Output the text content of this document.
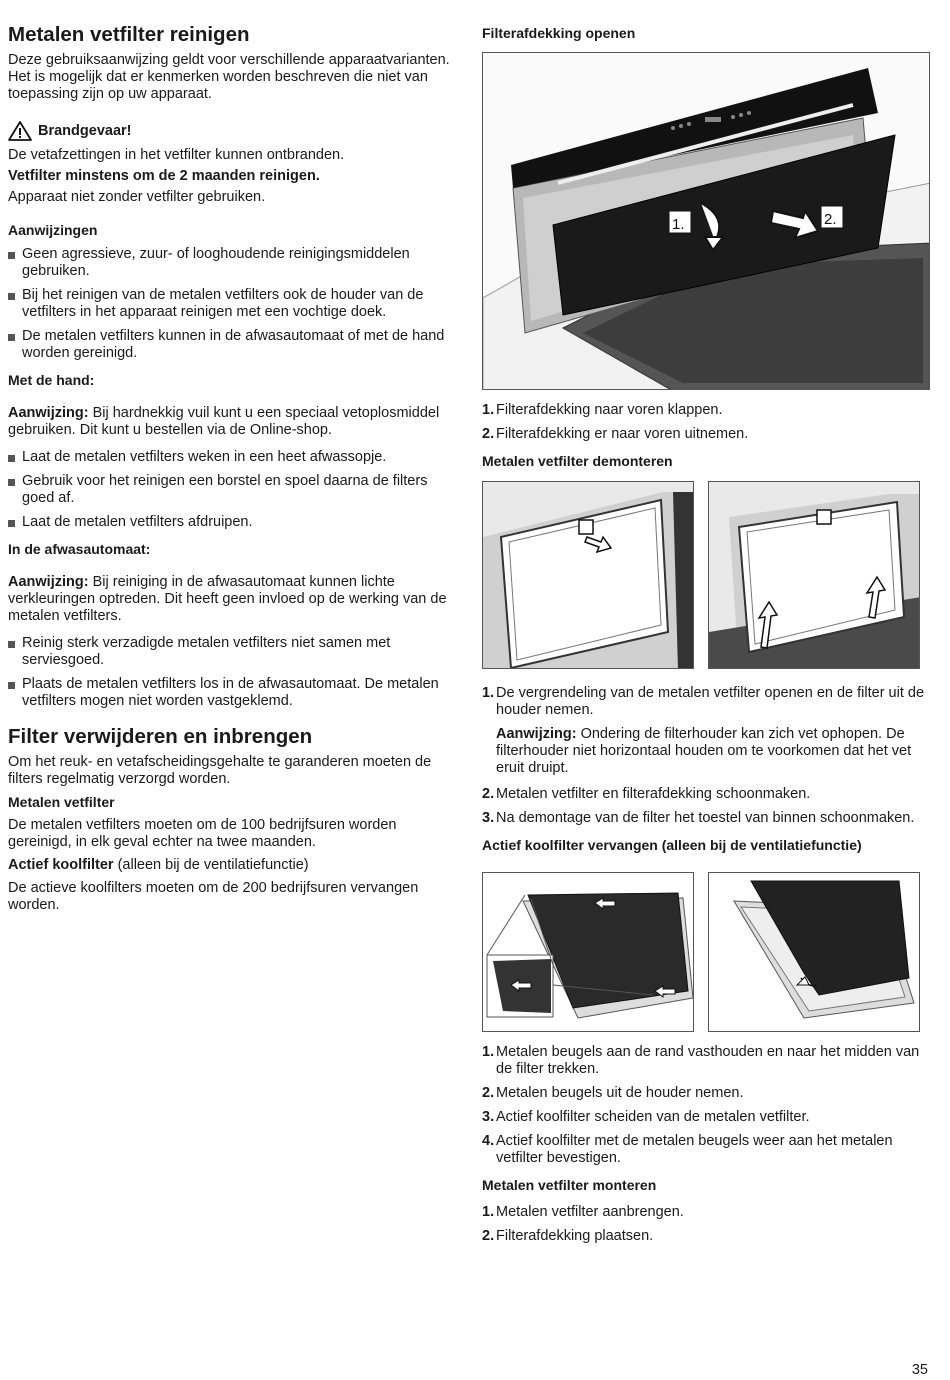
Metalen vetfilter reinigen

Deze gebruiksaanwijzing geldt voor verschillende apparaatvarianten. Het is mogelijk dat er kenmerken worden beschreven die niet van toepassing zijn op uw apparaat.

Brandgevaar!

De vetafzettingen in het vetfilter kunnen ontbranden.

Vetfilter minstens om de 2 maanden reinigen.

Apparaat niet zonder vetfilter gebruiken.

Aanwijzingen
Geen agressieve, zuur- of looghoudende reinigingsmiddelen gebruiken.
Bij het reinigen van de metalen vetfilters ook de houder van de vetfilters in het apparaat reinigen met een vochtige doek.
De metalen vetfilters kunnen in de afwasautomaat of met de hand worden gereinigd.
Met de hand:

Aanwijzing: Bij hardnekkig vuil kunt u een speciaal vetoplosmiddel gebruiken. Dit kunt u bestellen via de Online-shop.

Laat de metalen vetfilters weken in een heet afwassopje.
Gebruik voor het reinigen een borstel en spoel daarna de filters goed af.
Laat de metalen vetfilters afdruipen.
In de afwasautomaat:

Aanwijzing: Bij reiniging in de afwasautomaat kunnen lichte verkleuringen optreden. Dit heeft geen invloed op de werking van de metalen vetfilters.

Reinig sterk verzadigde metalen vetfilters niet samen met serviesgoed.
Plaats de metalen vetfilters los in de afwasautomaat. De metalen vetfilters mogen niet worden vastgeklemd.
Filter verwijderen en inbrengen

Om het reuk- en vetafscheidingsgehalte te garanderen moeten de filters regelmatig verzorgd worden.

Metalen vetfilter

De metalen vetfilters moeten om de 100 bedrijfsuren worden gereinigd, in elk geval echter na twee maanden.

Actief koolfilter (alleen bij de ventilatiefunctie)

De actieve koolfilters moeten om de 200 bedrijfsuren vervangen worden.

Filterafdekking openen
1.	2.
1. Filterafdekking naar voren klappen.
2. Filterafdekking er naar voren uitnemen.
Metalen vetfilter demonteren
1. De vergrendeling van de metalen vetfilter openen en de filter uit de houder nemen.

Aanwijzing: Ondering de filterhouder kan zich vet ophopen. De filterhouder niet horizontaal houden om te voorkomen dat het vet eruit druipt.

2. Metalen vetfilter en filterafdekking schoonmaken.
3. Na demontage van de filter het toestel van binnen schoonmaken.
Actief koolfilter vervangen (alleen bij de ventilatiefunctie)
1. Metalen beugels aan de rand vasthouden en naar het midden van de filter trekken.
2. Metalen beugels uit de houder nemen.
3. Actief koolfilter scheiden van de metalen vetfilter.
4. Actief koolfilter met de metalen beugels weer aan het metalen vetfilter bevestigen.
Metalen vetfilter monteren
1. Metalen vetfilter aanbrengen.
2. Filterafdekking plaatsen.
35
